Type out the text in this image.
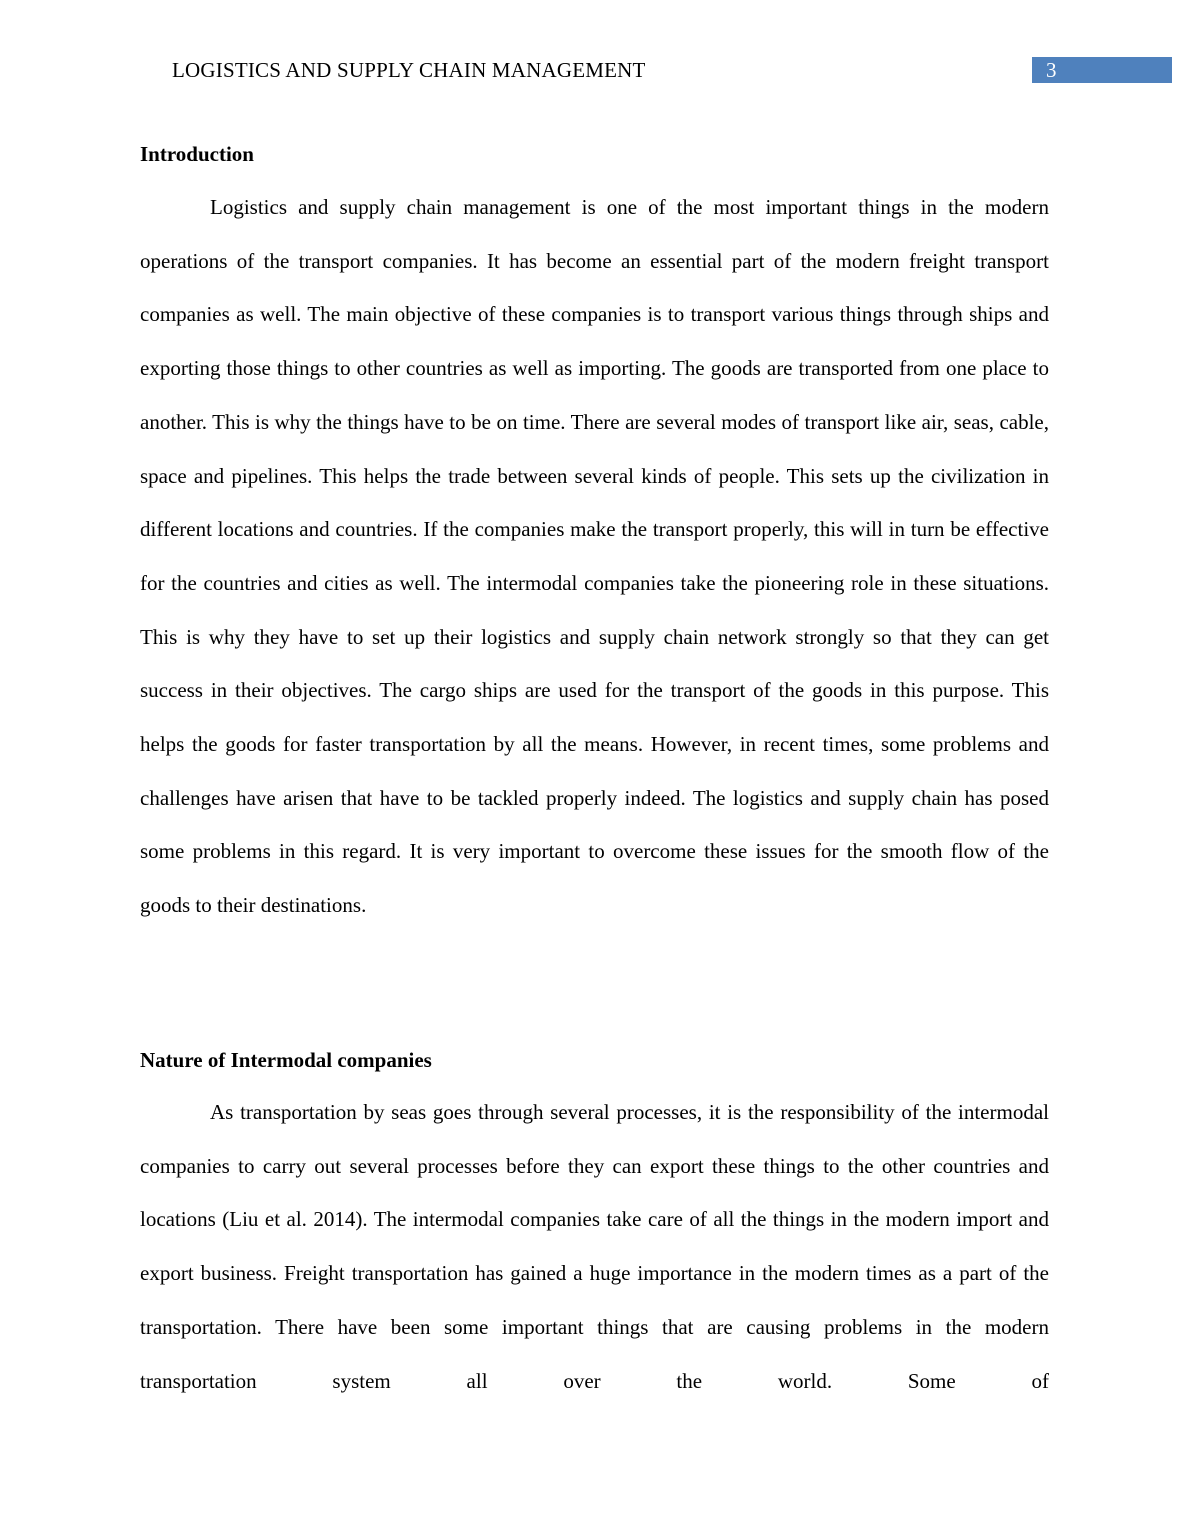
LOGISTICS AND SUPPLY CHAIN MANAGEMENT	3
Introduction

Logistics and supply chain management is one of the most important things in the modern operations of the transport companies. It has become an essential part of the modern freight transport companies as well. The main objective of these companies is to transport various things through ships and exporting those things to other countries as well as importing. The goods are transported from one place to another. This is why the things have to be on time. There are several modes of transport like air, seas, cable, space and pipelines. This helps the trade between several kinds of people. This sets up the civilization in different locations and countries. If the companies make the transport properly, this will in turn be effective for the countries and cities as well. The intermodal companies take the pioneering role in these situations. This is why they have to set up their logistics and supply chain network strongly so that they can get success in their objectives. The cargo ships are used for the transport of the goods in this purpose. This helps the goods for faster transportation by all the means. However, in recent times, some problems and challenges have arisen that have to be tackled properly indeed. The logistics and supply chain has posed some problems in this regard. It is very important to overcome these issues for the smooth flow of the goods to their destinations.

Nature of Intermodal companies

As transportation by seas goes through several processes, it is the responsibility of the intermodal companies to carry out several processes before they can export these things to the other countries and locations (Liu et al. 2014). The intermodal companies take care of all the things in the modern import and export business. Freight transportation has gained a huge importance in the modern times as a part of the transportation. There have been some important things that are causing problems in the modern transportation system all over the world. Some of
